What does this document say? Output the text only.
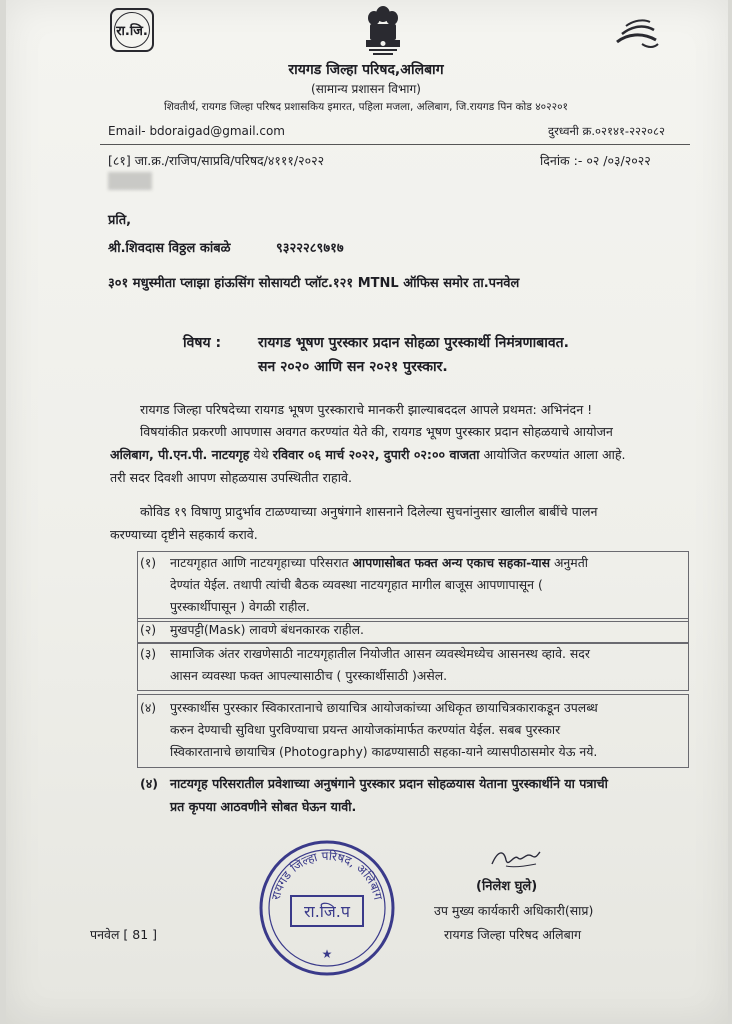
रा.जि.
रायगड जिल्हा परिषद,अलिबाग
(सामान्य प्रशासन विभाग)
शिवतीर्थ, रायगड जिल्हा परिषद प्रशासकिय इमारत, पहिला मजला, अलिबाग, जि.रायगड पिन कोड ४०२२०१
Email- bdoraigad@gmail.com	दुरध्वनी क्र.०२१४१-२२२०८२
[८१] जा.क्र./राजिप/साप्रवि/परिषद/४१११/२०२२	दिनांक :- ०२ /०३/२०२२
प्रति,
श्री.शिवदास विठ्ठल कांबळे	९३२२२८९७१७
३०१ मधुस्मीता प्लाझा हांऊसिंग सोसायटी प्लॉट.१२१ MTNL ऑफिस समोर ता.पनवेल
विषय :	रायगड भूषण पुरस्कार प्रदान सोहळा पुरस्कार्थी निमंत्रणाबावत.
सन २०२० आणि सन २०२१ पुरस्कार.
रायगड जिल्हा परिषदेच्या रायगड भूषण पुरस्काराचे मानकरी झाल्याबददल आपले प्रथमत: अभिनंदन !
विषयांकीत प्रकरणी आपणास अवगत करण्यांत येते की, रायगड भूषण पुरस्कार प्रदान सोहळयाचे आयोजन
अलिबाग, पी.एन.पी. नाटयगृह येथे रविवार ०६ मार्च २०२२, दुपारी ०२:०० वाजता आयोजित करण्यांत आला आहे.
तरी सदर दिवशी आपण सोहळयास उपस्थितीत राहावे.
कोविड १९ विषाणु प्रादुर्भाव टाळण्याच्या अनुषंगाने शासनाने दिलेल्या सुचनांनुसार खालील बाबींचे पालन
करण्याच्या दृष्टीने सहकार्य करावे.
(१) नाटयगृहात आणि नाटयगृहाच्या परिसरात आपणासोबत फक्त अन्य एकाच सहका-यास अनुमती
देण्यांत येईल. तथापी त्यांची बैठक व्यवस्था नाटयगृहात मागील बाजूस आपणापासून (
पुरस्कार्थीपासून ) वेगळी राहील.
(२) मुखपट्टी(Mask) लावणे बंधनकारक राहील.
(३) सामाजिक अंतर राखणेसाठी नाटयगृहातील नियोजीत आसन व्यवस्थेमध्येच आसनस्थ व्हावे. सदर
आसन व्यवस्था फक्त आपल्यासाठीच ( पुरस्कार्थीसाठी )असेल.
(४) पुरस्कार्थीस पुरस्कार स्विकारतानाचे छायाचित्र आयोजकांच्या अधिकृत छायाचित्रकाराकडून उपलब्ध
करुन देण्याची सुविधा पुरविण्याचा प्रयन्त आयोजकांमार्फत करण्यांत येईल. सबब पुरस्कार
स्विकारतानाचे छायाचित्र (Photography) काढण्यासाठी सहका-याने व्यासपीठासमोर येऊ नये.
(४) नाटयगृह परिसरातील प्रवेशाच्या अनुषंगाने पुरस्कार प्रदान सोहळयास येताना पुरस्कार्थीने या पत्राची
प्रत कृपया आठवणीने सोबत घेऊन यावी.
रायगड जिल्हा परिषद, अलिबाग
रा.जि.प
★
(निलेश घुले)
उप मुख्य कार्यकारी अधिकारी(साप्र)
रायगड जिल्हा परिषद अलिबाग
पनवेल [ 81 ]
